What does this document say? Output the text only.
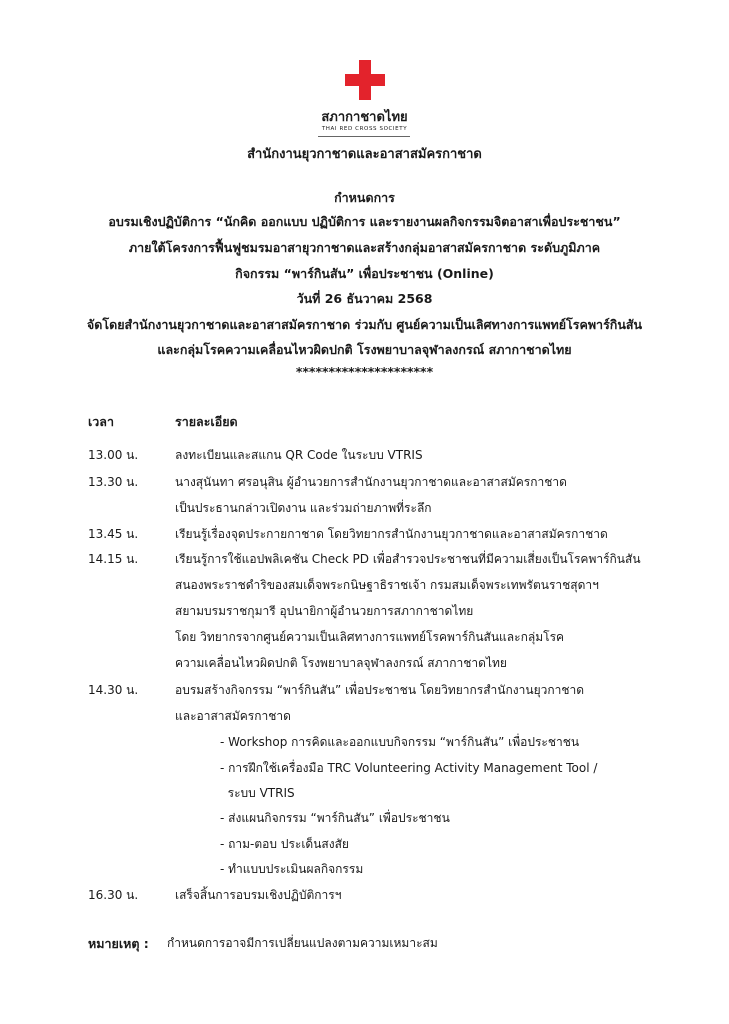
สภากาชาดไทย
THAI RED CROSS SOCIETY
สำนักงานยุวกาชาดและอาสาสมัครกาชาด
กำหนดการ
อบรมเชิงปฏิบัติการ “นักคิด ออกแบบ ปฏิบัติการ และรายงานผลกิจกรรมจิตอาสาเพื่อประชาชน”
ภายใต้โครงการฟื้นฟูชมรมอาสายุวกาชาดและสร้างกลุ่มอาสาสมัครกาชาด ระดับภูมิภาค
กิจกรรม “พาร์กินสัน” เพื่อประชาชน (Online)
วันที่ 26 ธันวาคม 2568
จัดโดยสำนักงานยุวกาชาดและอาสาสมัครกาชาด ร่วมกับ ศูนย์ความเป็นเลิศทางการแพทย์โรคพาร์กินสัน
และกลุ่มโรคความเคลื่อนไหวผิดปกติ โรงพยาบาลจุฬาลงกรณ์ สภากาชาดไทย
*********************
เวลา	รายละเอียด
13.00 น.	ลงทะเบียนและสแกน QR Code ในระบบ VTRIS
13.30 น.	นางสุนันทา ศรอนุสิน ผู้อำนวยการสำนักงานยุวกาชาดและอาสาสมัครกาชาด
เป็นประธานกล่าวเปิดงาน และร่วมถ่ายภาพที่ระลึก
13.45 น.	เรียนรู้เรื่องจุดประกายกาชาด โดยวิทยากรสำนักงานยุวกาชาดและอาสาสมัครกาชาด
14.15 น.	เรียนรู้การใช้แอปพลิเคชัน Check PD เพื่อสำรวจประชาชนที่มีความเสี่ยงเป็นโรคพาร์กินสัน
สนองพระราชดำริของสมเด็จพระกนิษฐาธิราชเจ้า กรมสมเด็จพระเทพรัตนราชสุดาฯ
สยามบรมราชกุมารี อุปนายิกาผู้อำนวยการสภากาชาดไทย
โดย วิทยากรจากศูนย์ความเป็นเลิศทางการแพทย์โรคพาร์กินสันและกลุ่มโรค
ความเคลื่อนไหวผิดปกติ โรงพยาบาลจุฬาลงกรณ์ สภากาชาดไทย
14.30 น.	อบรมสร้างกิจกรรม “พาร์กินสัน” เพื่อประชาชน โดยวิทยากรสำนักงานยุวกาชาด
และอาสาสมัครกาชาด
- Workshop การคิดและออกแบบกิจกรรม “พาร์กินสัน” เพื่อประชาชน
- การฝึกใช้เครื่องมือ TRC Volunteering Activity Management Tool /
ระบบ VTRIS
- ส่งแผนกิจกรรม “พาร์กินสัน” เพื่อประชาชน
- ถาม-ตอบ ประเด็นสงสัย
- ทำแบบประเมินผลกิจกรรม
16.30 น.	เสร็จสิ้นการอบรมเชิงปฏิบัติการฯ
หมายเหตุ : กำหนดการอาจมีการเปลี่ยนแปลงตามความเหมาะสม
